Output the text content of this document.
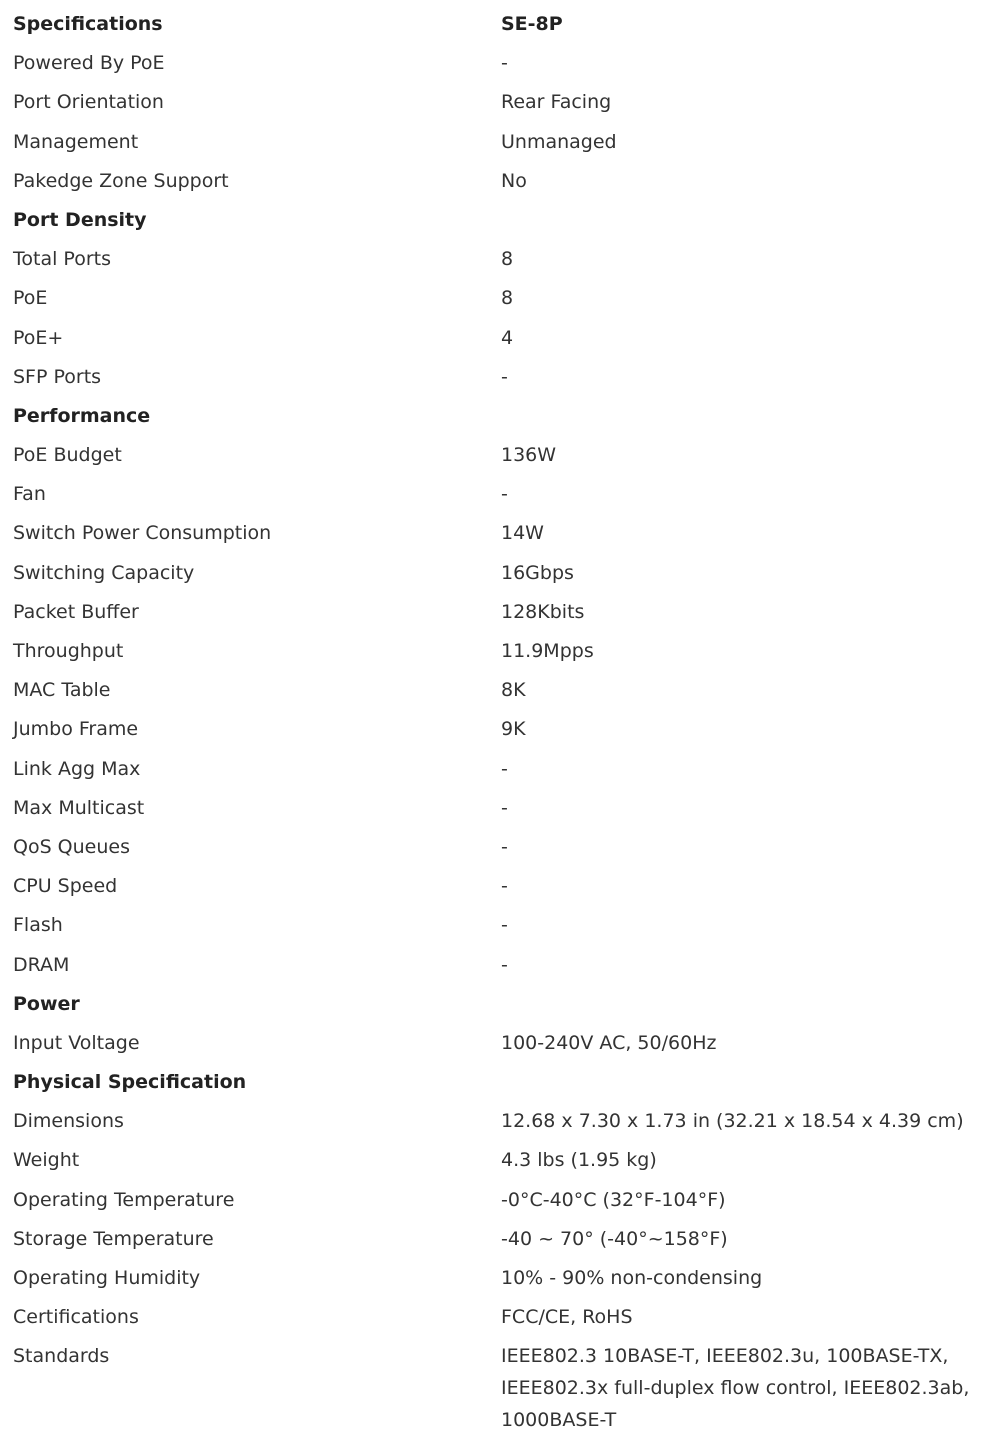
Specifications	SE-8P
Powered By PoE	-
Port Orientation	Rear Facing
Management	Unmanaged
Pakedge Zone Support	No
Port Density
Total Ports	8
PoE	8
PoE+	4
SFP Ports	-
Performance
PoE Budget	136W
Fan	-
Switch Power Consumption	14W
Switching Capacity	16Gbps
Packet Buffer	128Kbits
Throughput	11.9Mpps
MAC Table	8K
Jumbo Frame	9K
Link Agg Max	-
Max Multicast	-
QoS Queues	-
CPU Speed	-
Flash	-
DRAM	-
Power
Input Voltage	100-240V AC, 50/60Hz
Physical Specification
Dimensions	12.68 x 7.30 x 1.73 in (32.21 x 18.54 x 4.39 cm)
Weight	4.3 lbs (1.95 kg)
Operating Temperature	-0°C-40°C (32°F-104°F)
Storage Temperature	-40 ~ 70° (-40°~158°F)
Operating Humidity	10% - 90% non-condensing
Certifications	FCC/CE, RoHS
Standards	IEEE802.3 10BASE-T, IEEE802.3u, 100BASE-TX, IEEE802.3x full-duplex flow control, IEEE802.3ab, 1000BASE-T
